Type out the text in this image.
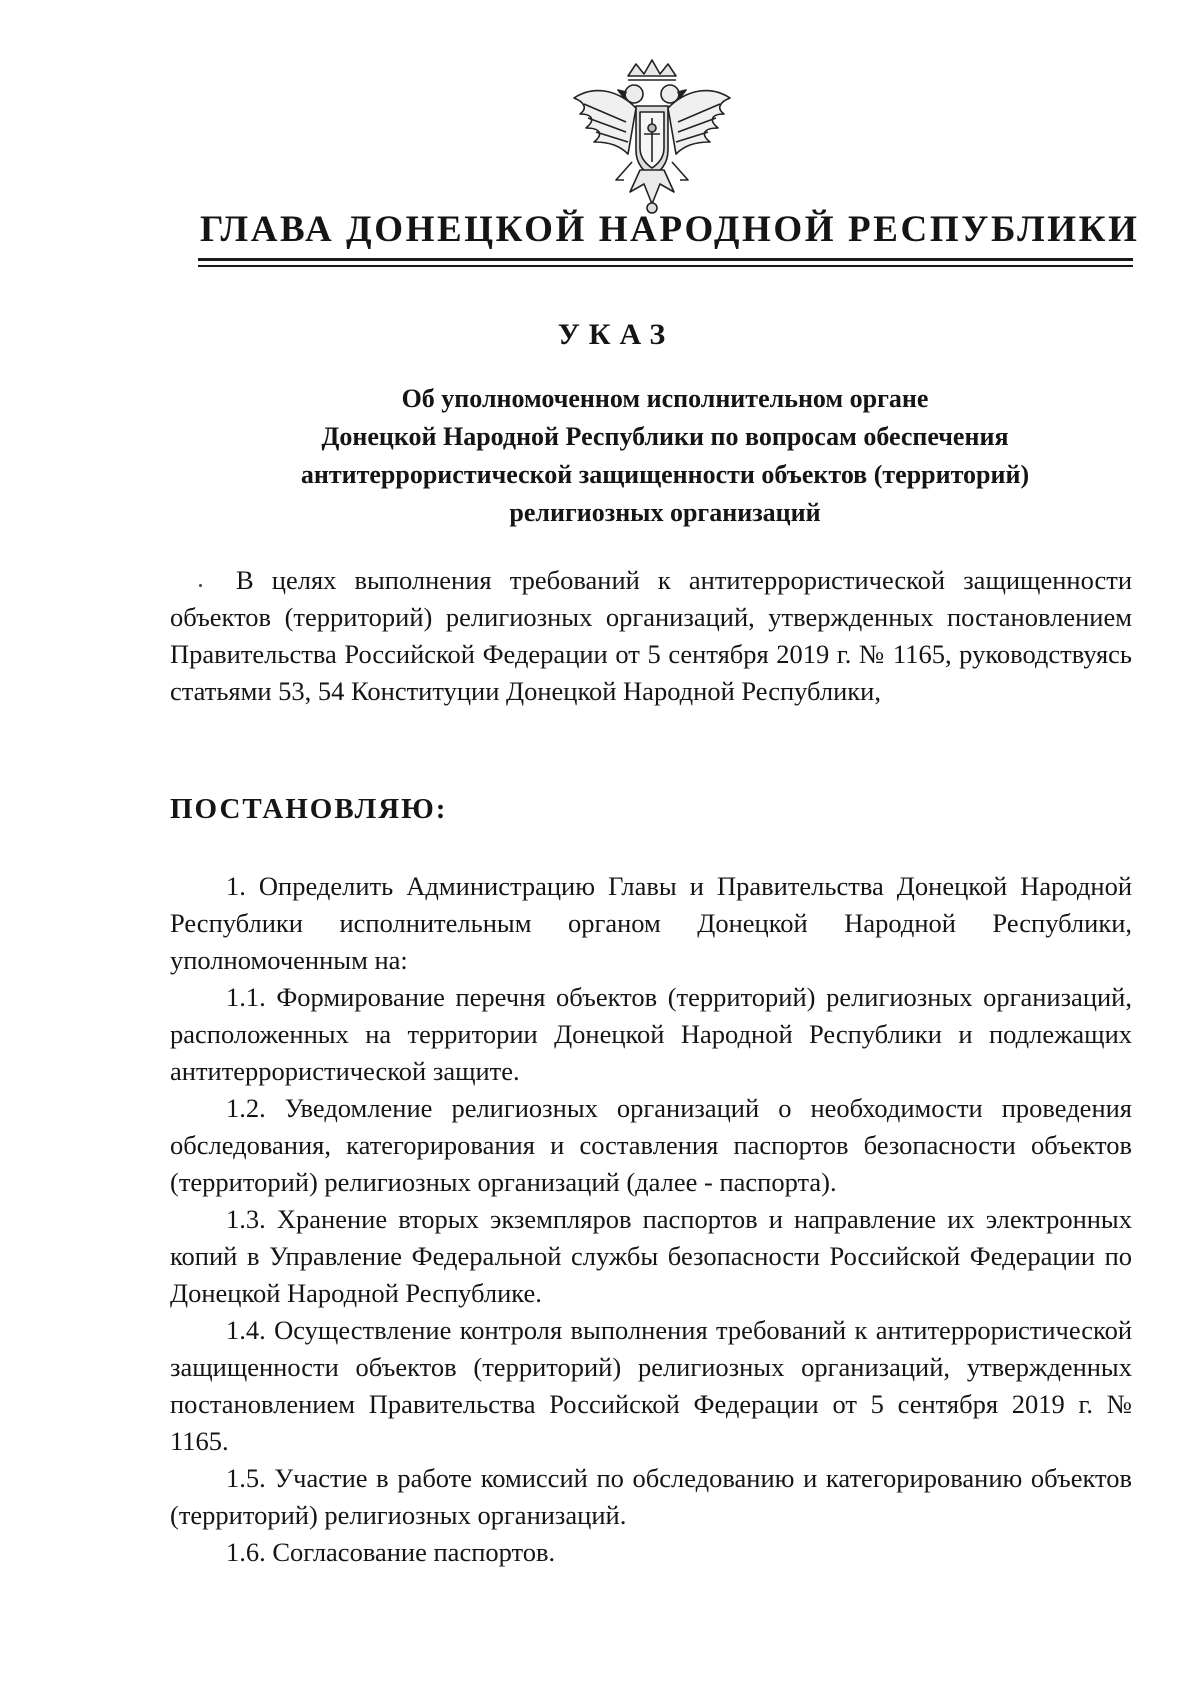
ГЛАВА ДОНЕЦКОЙ НАРОДНОЙ РЕСПУБЛИКИ
УКАЗ
Об уполномоченном исполнительном органе
Донецкой Народной Республики по вопросам обеспечения
антитеррористической защищенности объектов (территорий)
религиозных организаций
В целях выполнения требований к антитеррористической защищенности объектов (территорий) религиозных организаций, утвержденных постановлением Правительства Российской Федерации от 5 сентября 2019 г. № 1165, руководствуясь статьями 53, 54 Конституции Донецкой Народной Республики,
ПОСТАНОВЛЯЮ:

1. Определить Администрацию Главы и Правительства Донецкой Народной Республики исполнительным органом Донецкой Народной Республики, уполномоченным на:

1.1. Формирование перечня объектов (территорий) религиозных организаций, расположенных на территории Донецкой Народной Республики и подлежащих антитеррористической защите.

1.2. Уведомление религиозных организаций о необходимости проведения обследования, категорирования и составления паспортов безопасности объектов (территорий) религиозных организаций (далее - паспорта).

1.3. Хранение вторых экземпляров паспортов и направление их электронных копий в Управление Федеральной службы безопасности Российской Федерации по Донецкой Народной Республике.

1.4. Осуществление контроля выполнения требований к антитеррористической защищенности объектов (территорий) религиозных организаций, утвержденных постановлением Правительства Российской Федерации от 5 сентября 2019 г. № 1165.

1.5. Участие в работе комиссий по обследованию и категорированию объектов (территорий) религиозных организаций.

1.6. Согласование паспортов.
